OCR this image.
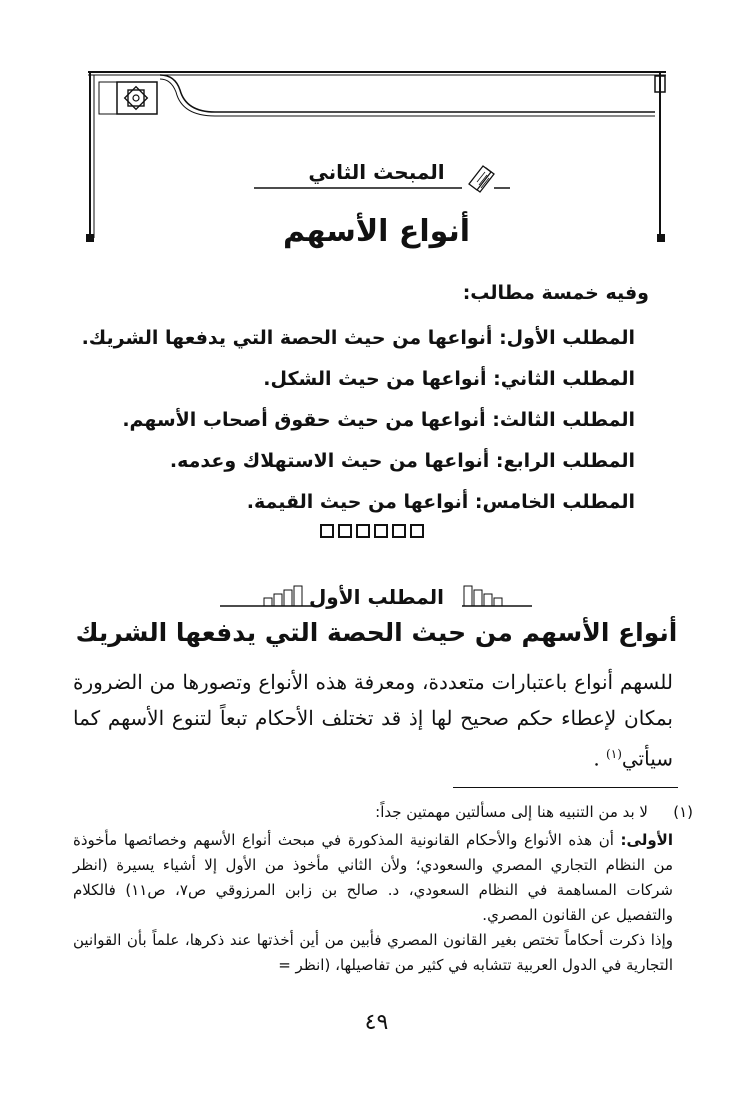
المبحث الثاني
أنواع الأسهم
وفيه خمسة مطالب:
المطلب الأول: أنواعها من حيث الحصة التي يدفعها الشريك.
المطلب الثاني: أنواعها من حيث الشكل.
المطلب الثالث: أنواعها من حيث حقوق أصحاب الأسهم.
المطلب الرابع: أنواعها من حيث الاستهلاك وعدمه.
المطلب الخامس: أنواعها من حيث القيمة.
المطلب الأول
أنواع الأسهم من حيث الحصة التي يدفعها الشريك
للسهم أنواع باعتبارات متعددة، ومعرفة هذه الأنواع وتصورها من الضرورة بمكان لإعطاء حكم صحيح لها إذ قد تختلف الأحكام تبعاً لتنوع الأسهم كما سيأتي$^{(١)}$ .
(١)
لا بد من التنبيه هنا إلى مسألتين مهمتين جداً:

الأولى: أن هذه الأنواع والأحكام القانونية المذكورة في مبحث أنواع الأسهم وخصائصها مأخوذة من النظام التجاري المصري والسعودي؛ ولأن الثاني مأخوذ من الأول إلا أشياء يسيرة (انظر شركات المساهمة في النظام السعودي، د. صالح بن زابن المرزوقي ص٧، ص١١) فالكلام والتفصيل عن القانون المصري.

وإذا ذكرت أحكاماً تختص بغير القانون المصري فأبين من أين أخذتها عند ذكرها، علماً بأن القوانين التجارية في الدول العربية تتشابه في كثير من تفاصيلها، (انظر =

٤٩
